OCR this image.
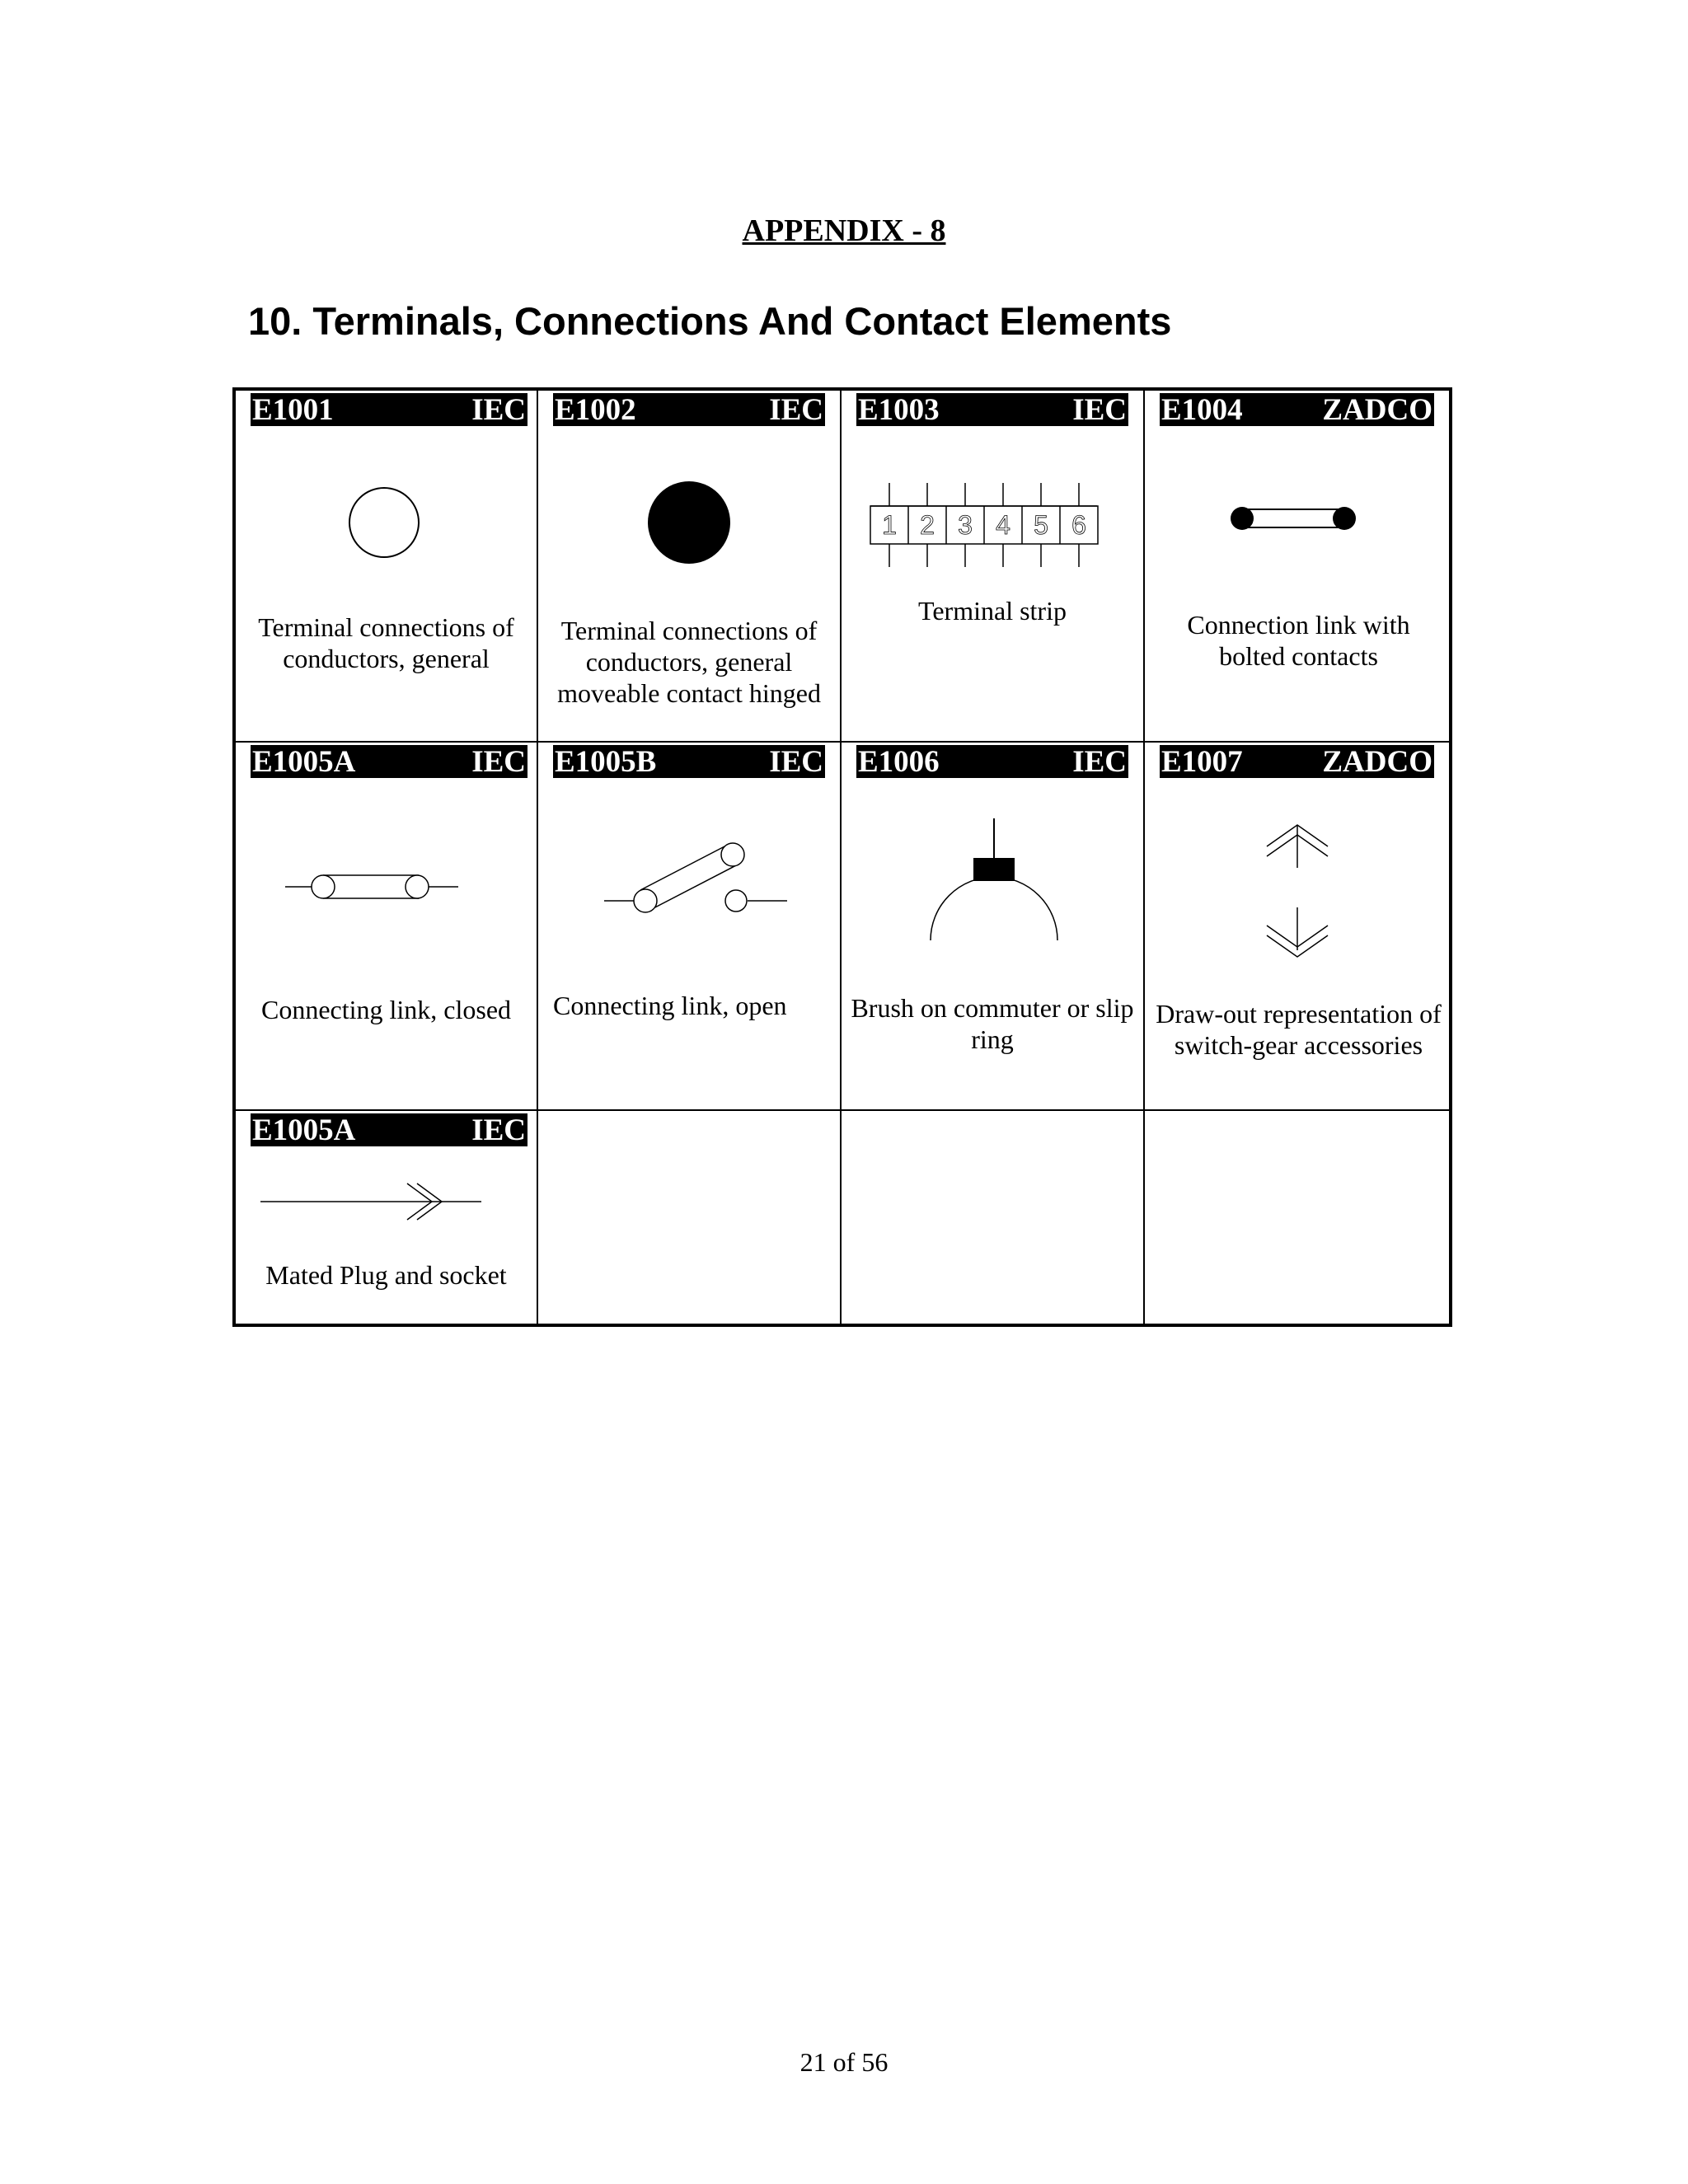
APPENDIX - 8
10. Terminals, Connections And Contact Elements
E1001	IEC
Terminal connections of conductors, general
E1002	IEC
Terminal connections of conductors, general moveable contact hinged
E1003	IEC
1 2 3 4 5 6
Terminal strip
E1004	ZADCO
Connection link with bolted contacts
E1005A	IEC
Connecting link, closed
E1005B	IEC
Connecting link, open
E1006	IEC
Brush on commuter or slip ring
E1007	ZADCO
Draw-out representation of switch-gear accessories
E1005A	IEC
Mated Plug and socket
21 of 56
